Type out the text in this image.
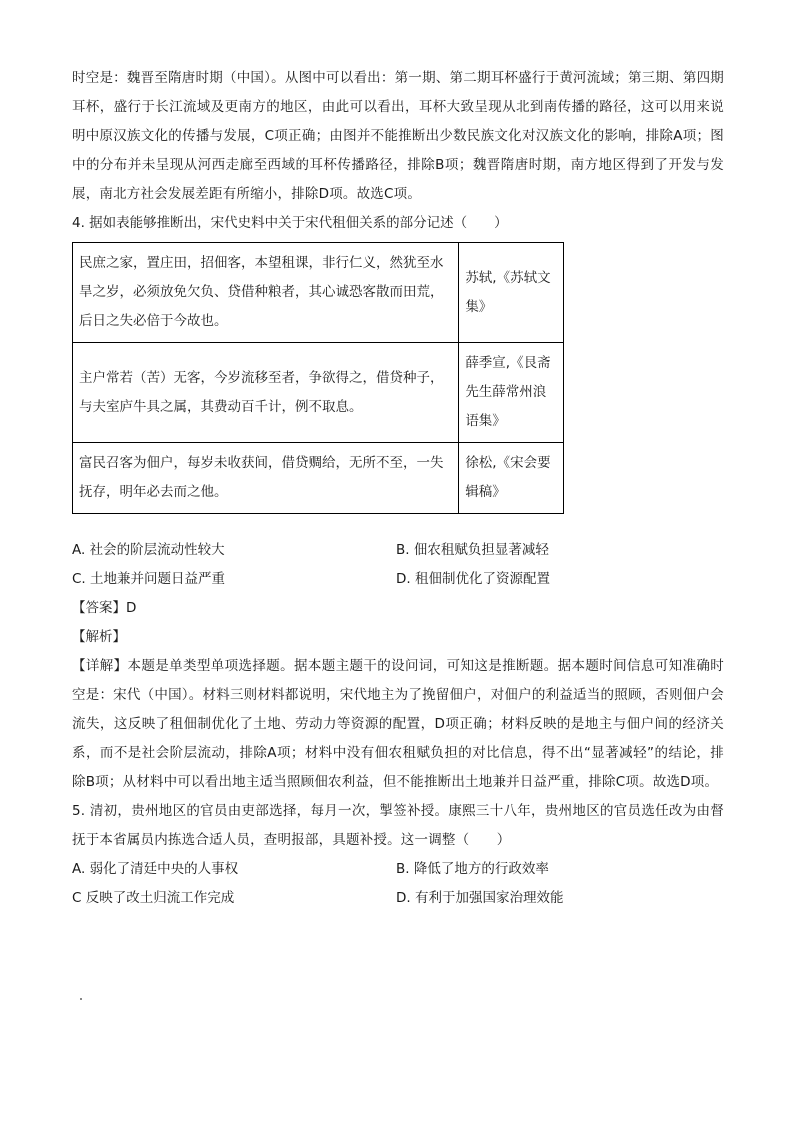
时空是：魏晋至隋唐时期（中国）。从图中可以看出：第一期、第二期耳杯盛行于黄河流域；第三期、第四期耳杯，盛行于长江流域及更南方的地区，由此可以看出，耳杯大致呈现从北到南传播的路径，这可以用来说明中原汉族文化的传播与发展，C项正确；由图并不能推断出少数民族文化对汉族文化的影响，排除A项；图中的分布并未呈现从河西走廊至西域的耳杯传播路径，排除B项；魏晋隋唐时期，南方地区得到了开发与发展，南北方社会发展差距有所缩小，排除D项。故选C项。

4. 据如表能够推断出，宋代史料中关于宋代租佃关系的部分记述（　　）

民庶之家，置庄田，招佃客，本望租课，非行仁义，然犹至水旱之岁，必须放免欠负、贷借种粮者，其心诚恐客散而田荒，后日之失必倍于今故也。	苏轼,《苏轼文集》
主户常若（苦）无客，今岁流移至者，争欲得之，借贷种子，与夫室庐牛具之属，其费动百千计，例不取息。	薛季宣,《艮斋先生薛常州浪语集》
富民召客为佃户，每岁未收获间，借贷赒给，无所不至，一失抚存，明年必去而之他。	徐松,《宋会要辑稿》
A. 社会的阶层流动性较大	B. 佃农租赋负担显著减轻
C. 土地兼并问题日益严重	D. 租佃制优化了资源配置

【答案】D

【解析】

【详解】本题是单类型单项选择题。据本题主题干的设问词，可知这是推断题。据本题时间信息可知准确时空是：宋代（中国）。材料三则材料都说明，宋代地主为了挽留佃户，对佃户的利益适当的照顾，否则佃户会流失，这反映了租佃制优化了土地、劳动力等资源的配置，D项正确；材料反映的是地主与佃户间的经济关系，而不是社会阶层流动，排除A项；材料中没有佃农租赋负担的对比信息，得不出“显著减轻”的结论，排除B项；从材料中可以看出地主适当照顾佃农利益，但不能推断出土地兼并日益严重，排除C项。故选D项。

5. 清初，贵州地区的官员由吏部选择，每月一次，掣签补授。康熙三十八年，贵州地区的官员选任改为由督抚于本省属员内拣选合适人员，查明报部，具题补授。这一调整（　　）

A. 弱化了清廷中央的人事权	B. 降低了地方的行政效率
C 反映了改土归流工作完成	D. 有利于加强国家治理效能
